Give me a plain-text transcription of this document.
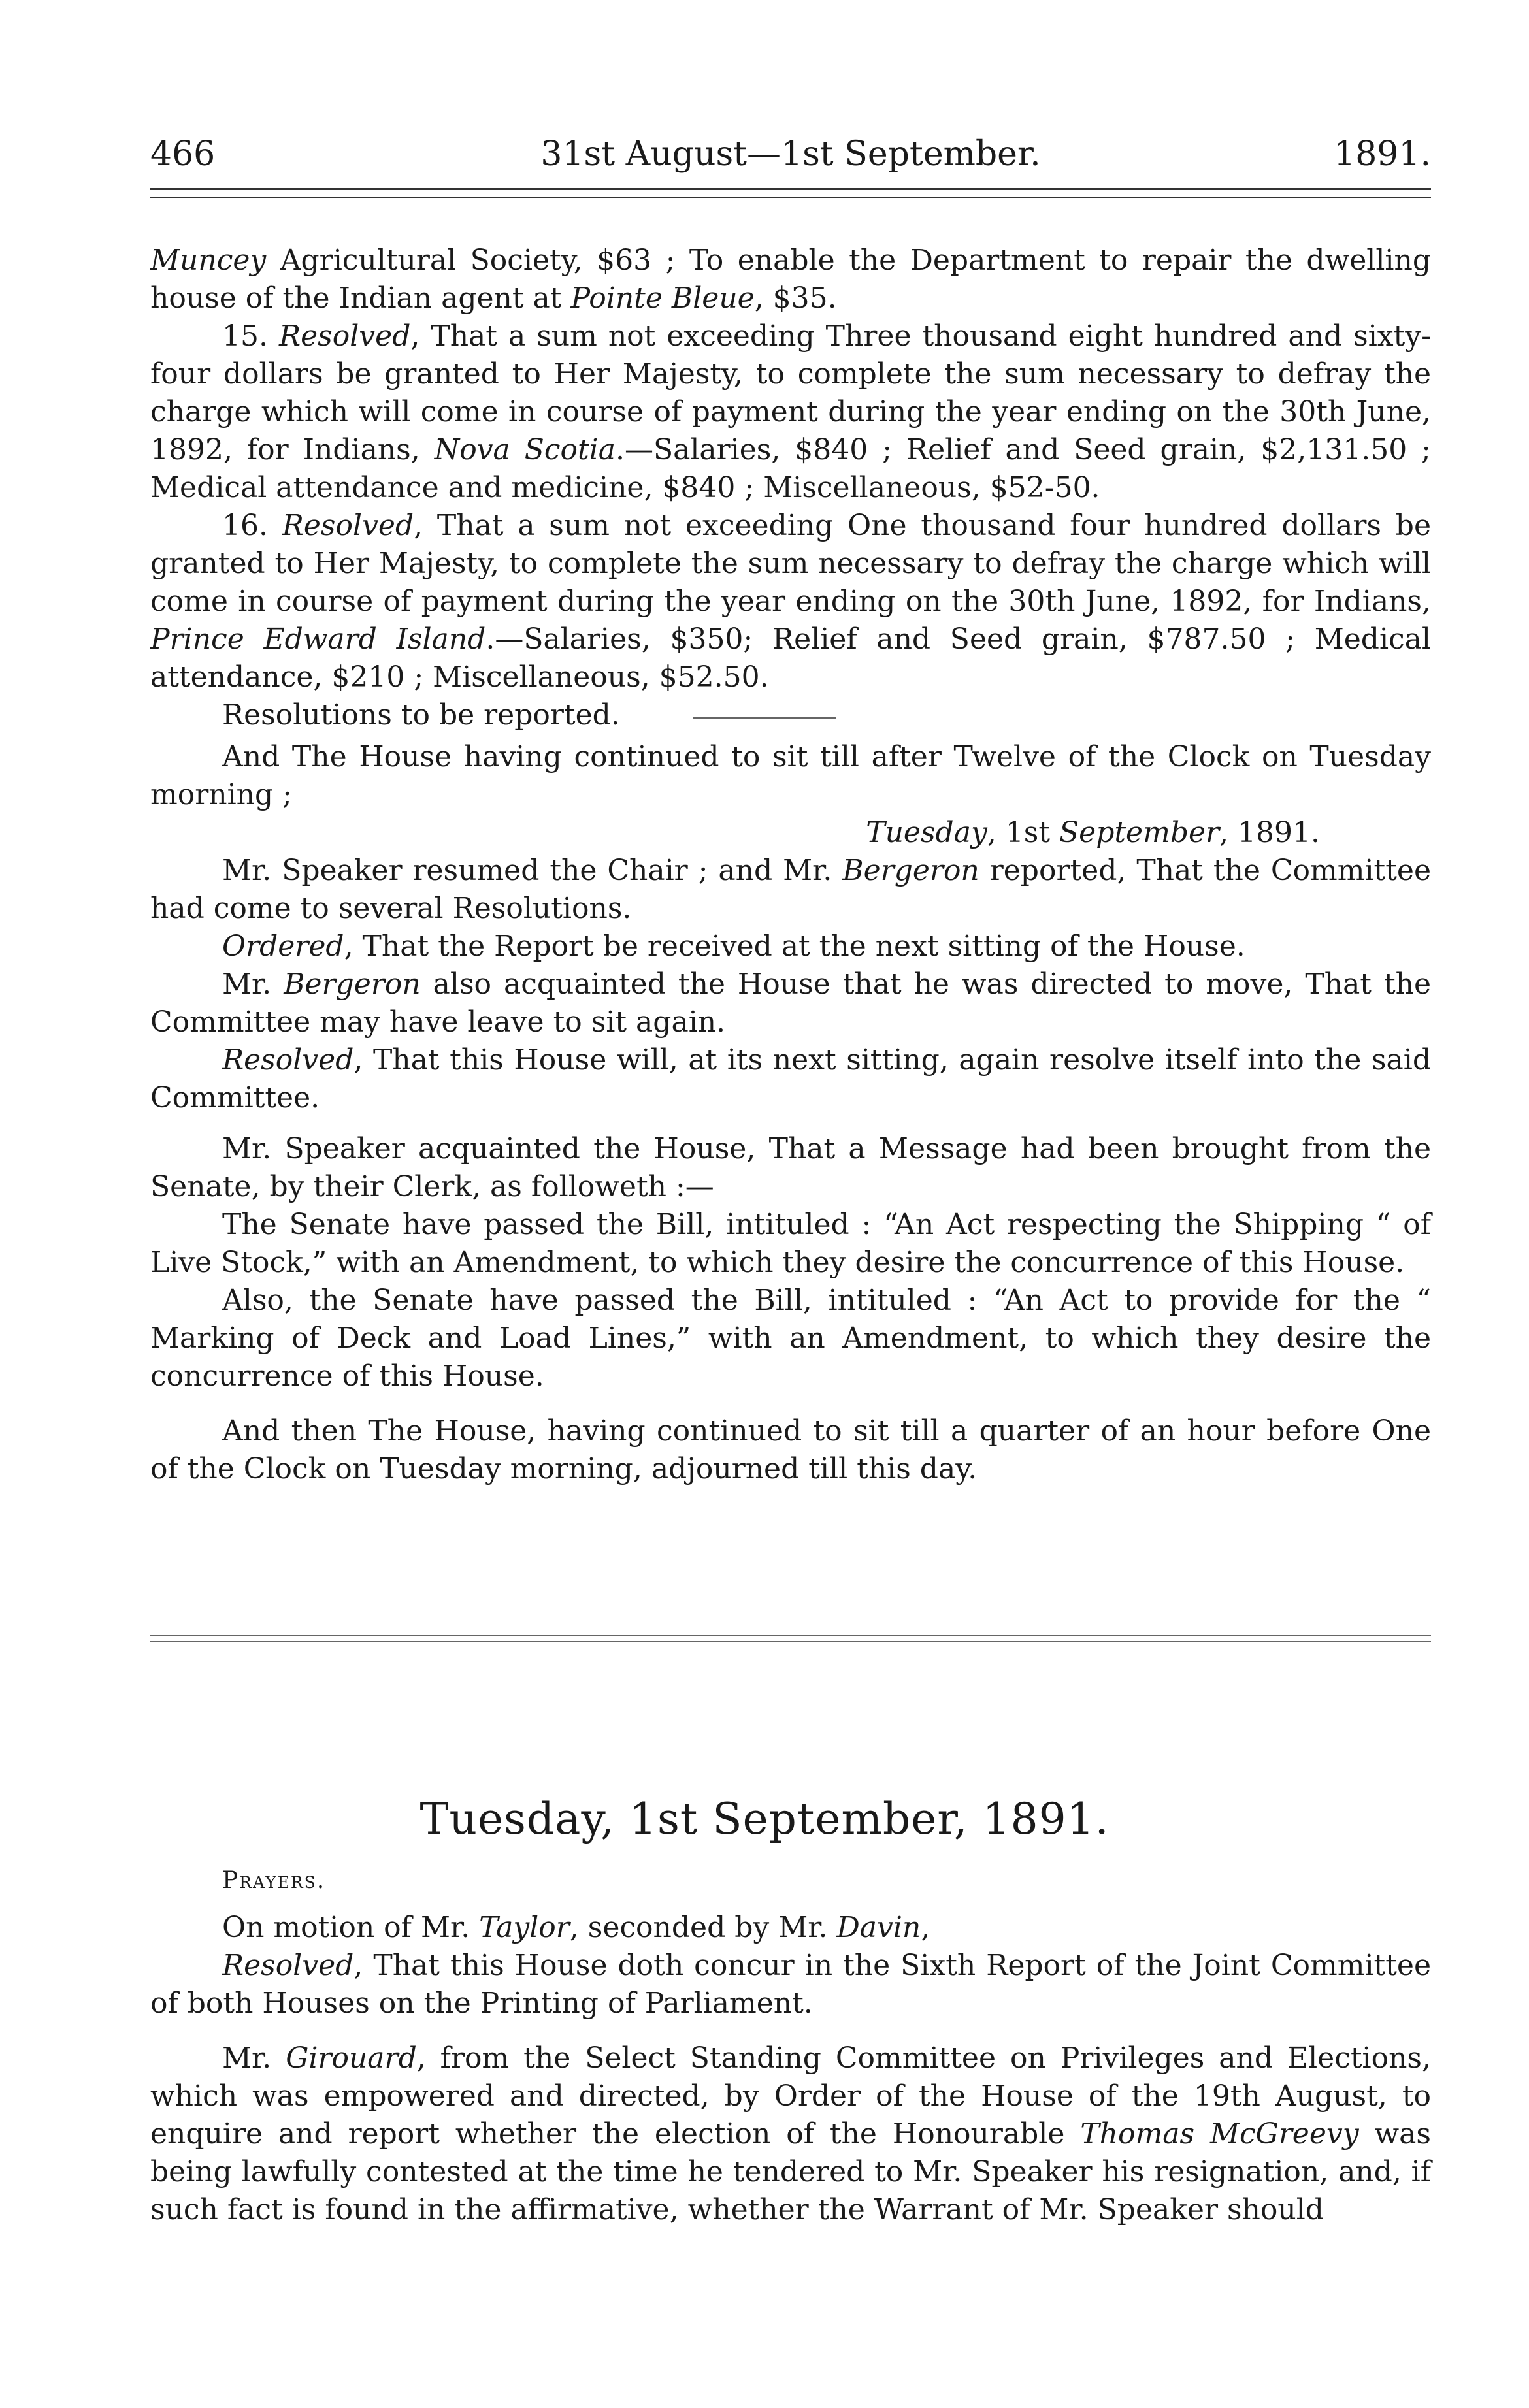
466	31st August—1st September.	1891.

Muncey Agricultural Society, $63 ; To enable the Department to repair the dwelling house of the Indian agent at Pointe Bleue, $35.

15. Resolved, That a sum not exceeding Three thousand eight hundred and sixty-four dollars be granted to Her Majesty, to complete the sum necessary to defray the charge which will come in course of payment during the year ending on the 30th June, 1892, for Indians, Nova Scotia.—Salaries, $840 ; Relief and Seed grain, $2,131.50 ; Medical attendance and medicine, $840 ; Miscellaneous, $52-50.

16. Resolved, That a sum not exceeding One thousand four hundred dollars be granted to Her Majesty, to complete the sum necessary to defray the charge which will come in course of payment during the year ending on the 30th June, 1892, for Indians, Prince Edward Island.—Salaries, $350; Relief and Seed grain, $787.50 ; Medical attendance, $210 ; Miscellaneous, $52.50.

Resolutions to be reported.

And The House having continued to sit till after Twelve of the Clock on Tuesday morning ;

Tuesday, 1st September, 1891.

Mr. Speaker resumed the Chair ; and Mr. Bergeron reported, That the Committee had come to several Resolutions.

Ordered, That the Report be received at the next sitting of the House.

Mr. Bergeron also acquainted the House that he was directed to move, That the Committee may have leave to sit again.

Resolved, That this House will, at its next sitting, again resolve itself into the said Committee.

Mr. Speaker acquainted the House, That a Message had been brought from the Senate, by their Clerk, as followeth :—

The Senate have passed the Bill, intituled : “An Act respecting the Shipping “ of Live Stock,” with an Amendment, to which they desire the concurrence of this House.

Also, the Senate have passed the Bill, intituled : “An Act to provide for the “ Marking of Deck and Load Lines,” with an Amendment, to which they desire the concurrence of this House.

And then The House, having continued to sit till a quarter of an hour before One of the Clock on Tuesday morning, adjourned till this day.

Tuesday, 1st September, 1891.

Prayers.

On motion of Mr. Taylor, seconded by Mr. Davin,

Resolved, That this House doth concur in the Sixth Report of the Joint Committee of both Houses on the Printing of Parliament.

Mr. Girouard, from the Select Standing Committee on Privileges and Elections, which was empowered and directed, by Order of the House of the 19th August, to enquire and report whether the election of the Honourable Thomas McGreevy was being lawfully contested at the time he tendered to Mr. Speaker his resignation, and, if such fact is found in the affirmative, whether the Warrant of Mr. Speaker should
